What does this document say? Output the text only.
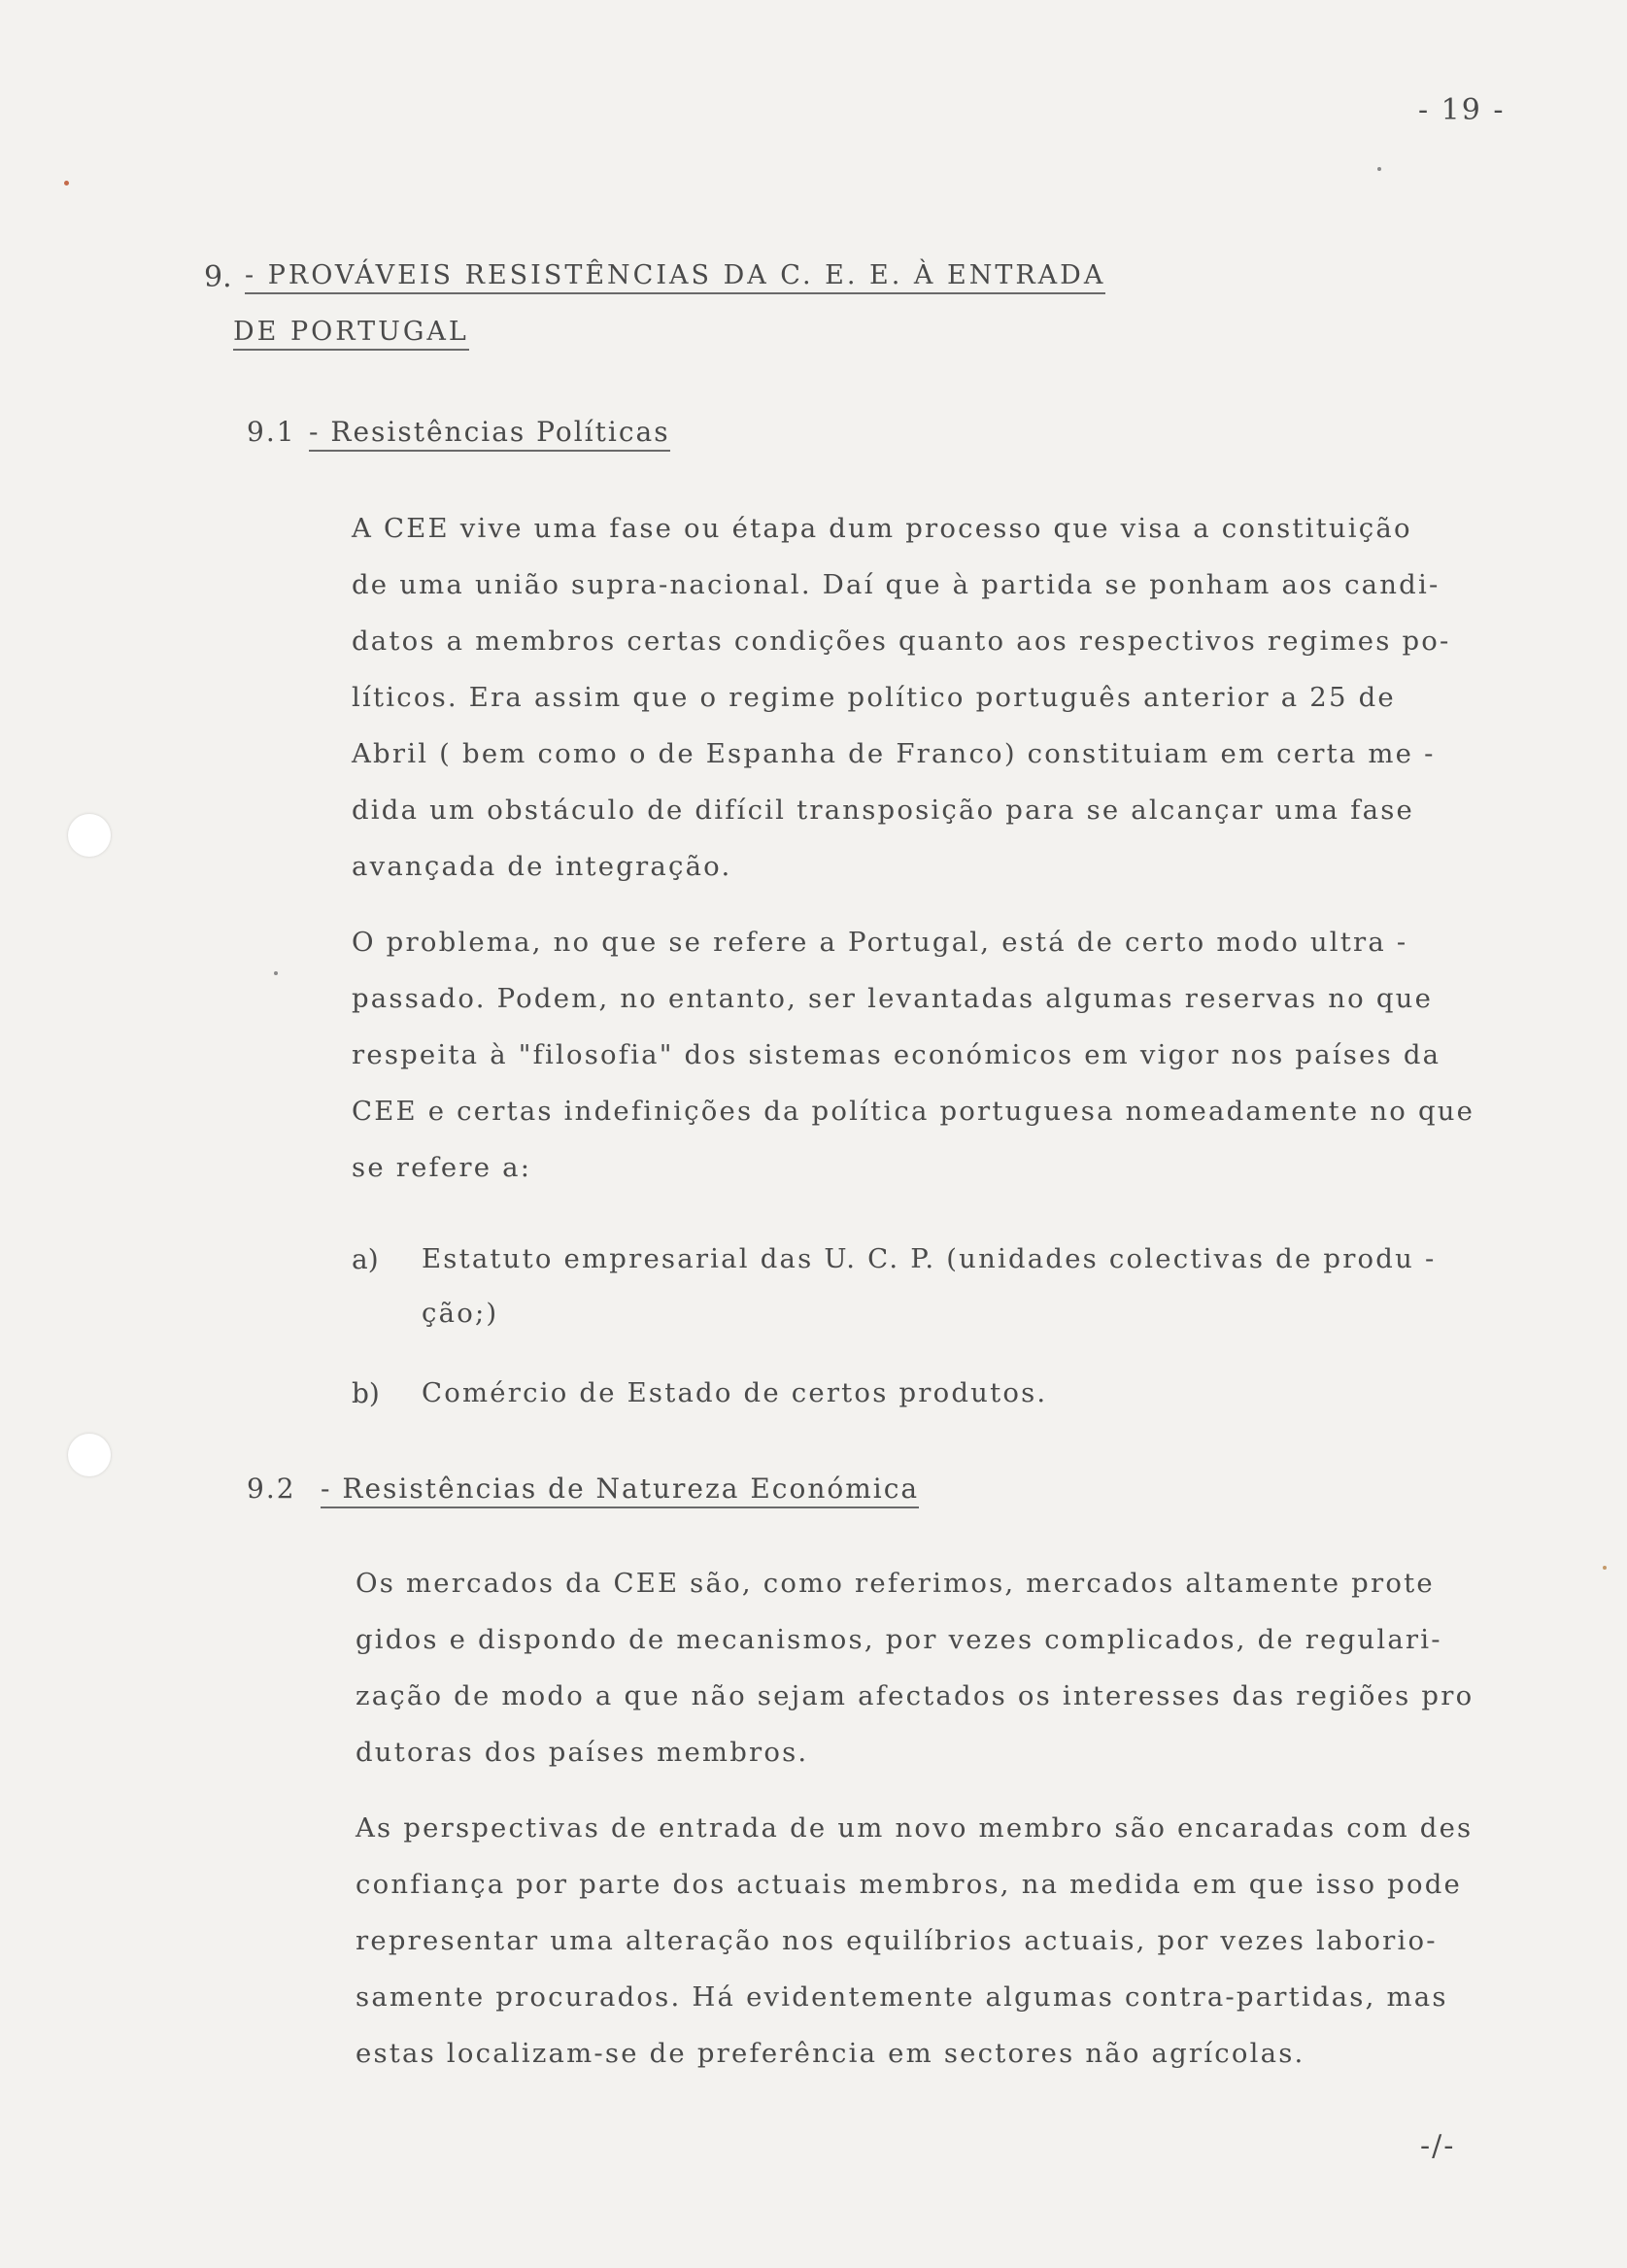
- 19 -
9. - PROVÁVEIS RESISTÊNCIAS DA C. E. E. À ENTRADA
DE PORTUGAL
9.1 - Resistências Políticas
A CEE vive uma fase ou étapa dum processo que visa a constituição
de uma união supra-nacional. Daí que à partida se ponham aos candi-
datos a membros certas condições quanto aos respectivos regimes po-
líticos. Era assim que o regime político português anterior a 25 de
Abril ( bem como o de Espanha de Franco) constituiam em certa me -
dida um obstáculo de difícil transposição para se alcançar uma fase
avançada de integração.
O problema, no que se refere a Portugal, está de certo modo ultra -
passado. Podem, no entanto, ser levantadas algumas reservas no que
respeita à "filosofia" dos sistemas económicos em vigor nos países da
CEE e certas indefinições da política portuguesa nomeadamente no que
se refere a:
a) Estatuto empresarial das U. C. P. (unidades colectivas de produ -
ção;)
b) Comércio de Estado de certos produtos.
9.2 - Resistências de Natureza Económica
Os mercados da CEE são, como referimos, mercados altamente prote
gidos e dispondo de mecanismos, por vezes complicados, de regulari-
zação de modo a que não sejam afectados os interesses das regiões pro
dutoras dos países membros.
As perspectivas de entrada de um novo membro são encaradas com des
confiança por parte dos actuais membros, na medida em que isso pode
representar uma alteração nos equilíbrios actuais, por vezes laborio-
samente procurados. Há evidentemente algumas contra-partidas, mas
estas localizam-se de preferência em sectores não agrícolas.
-/-
